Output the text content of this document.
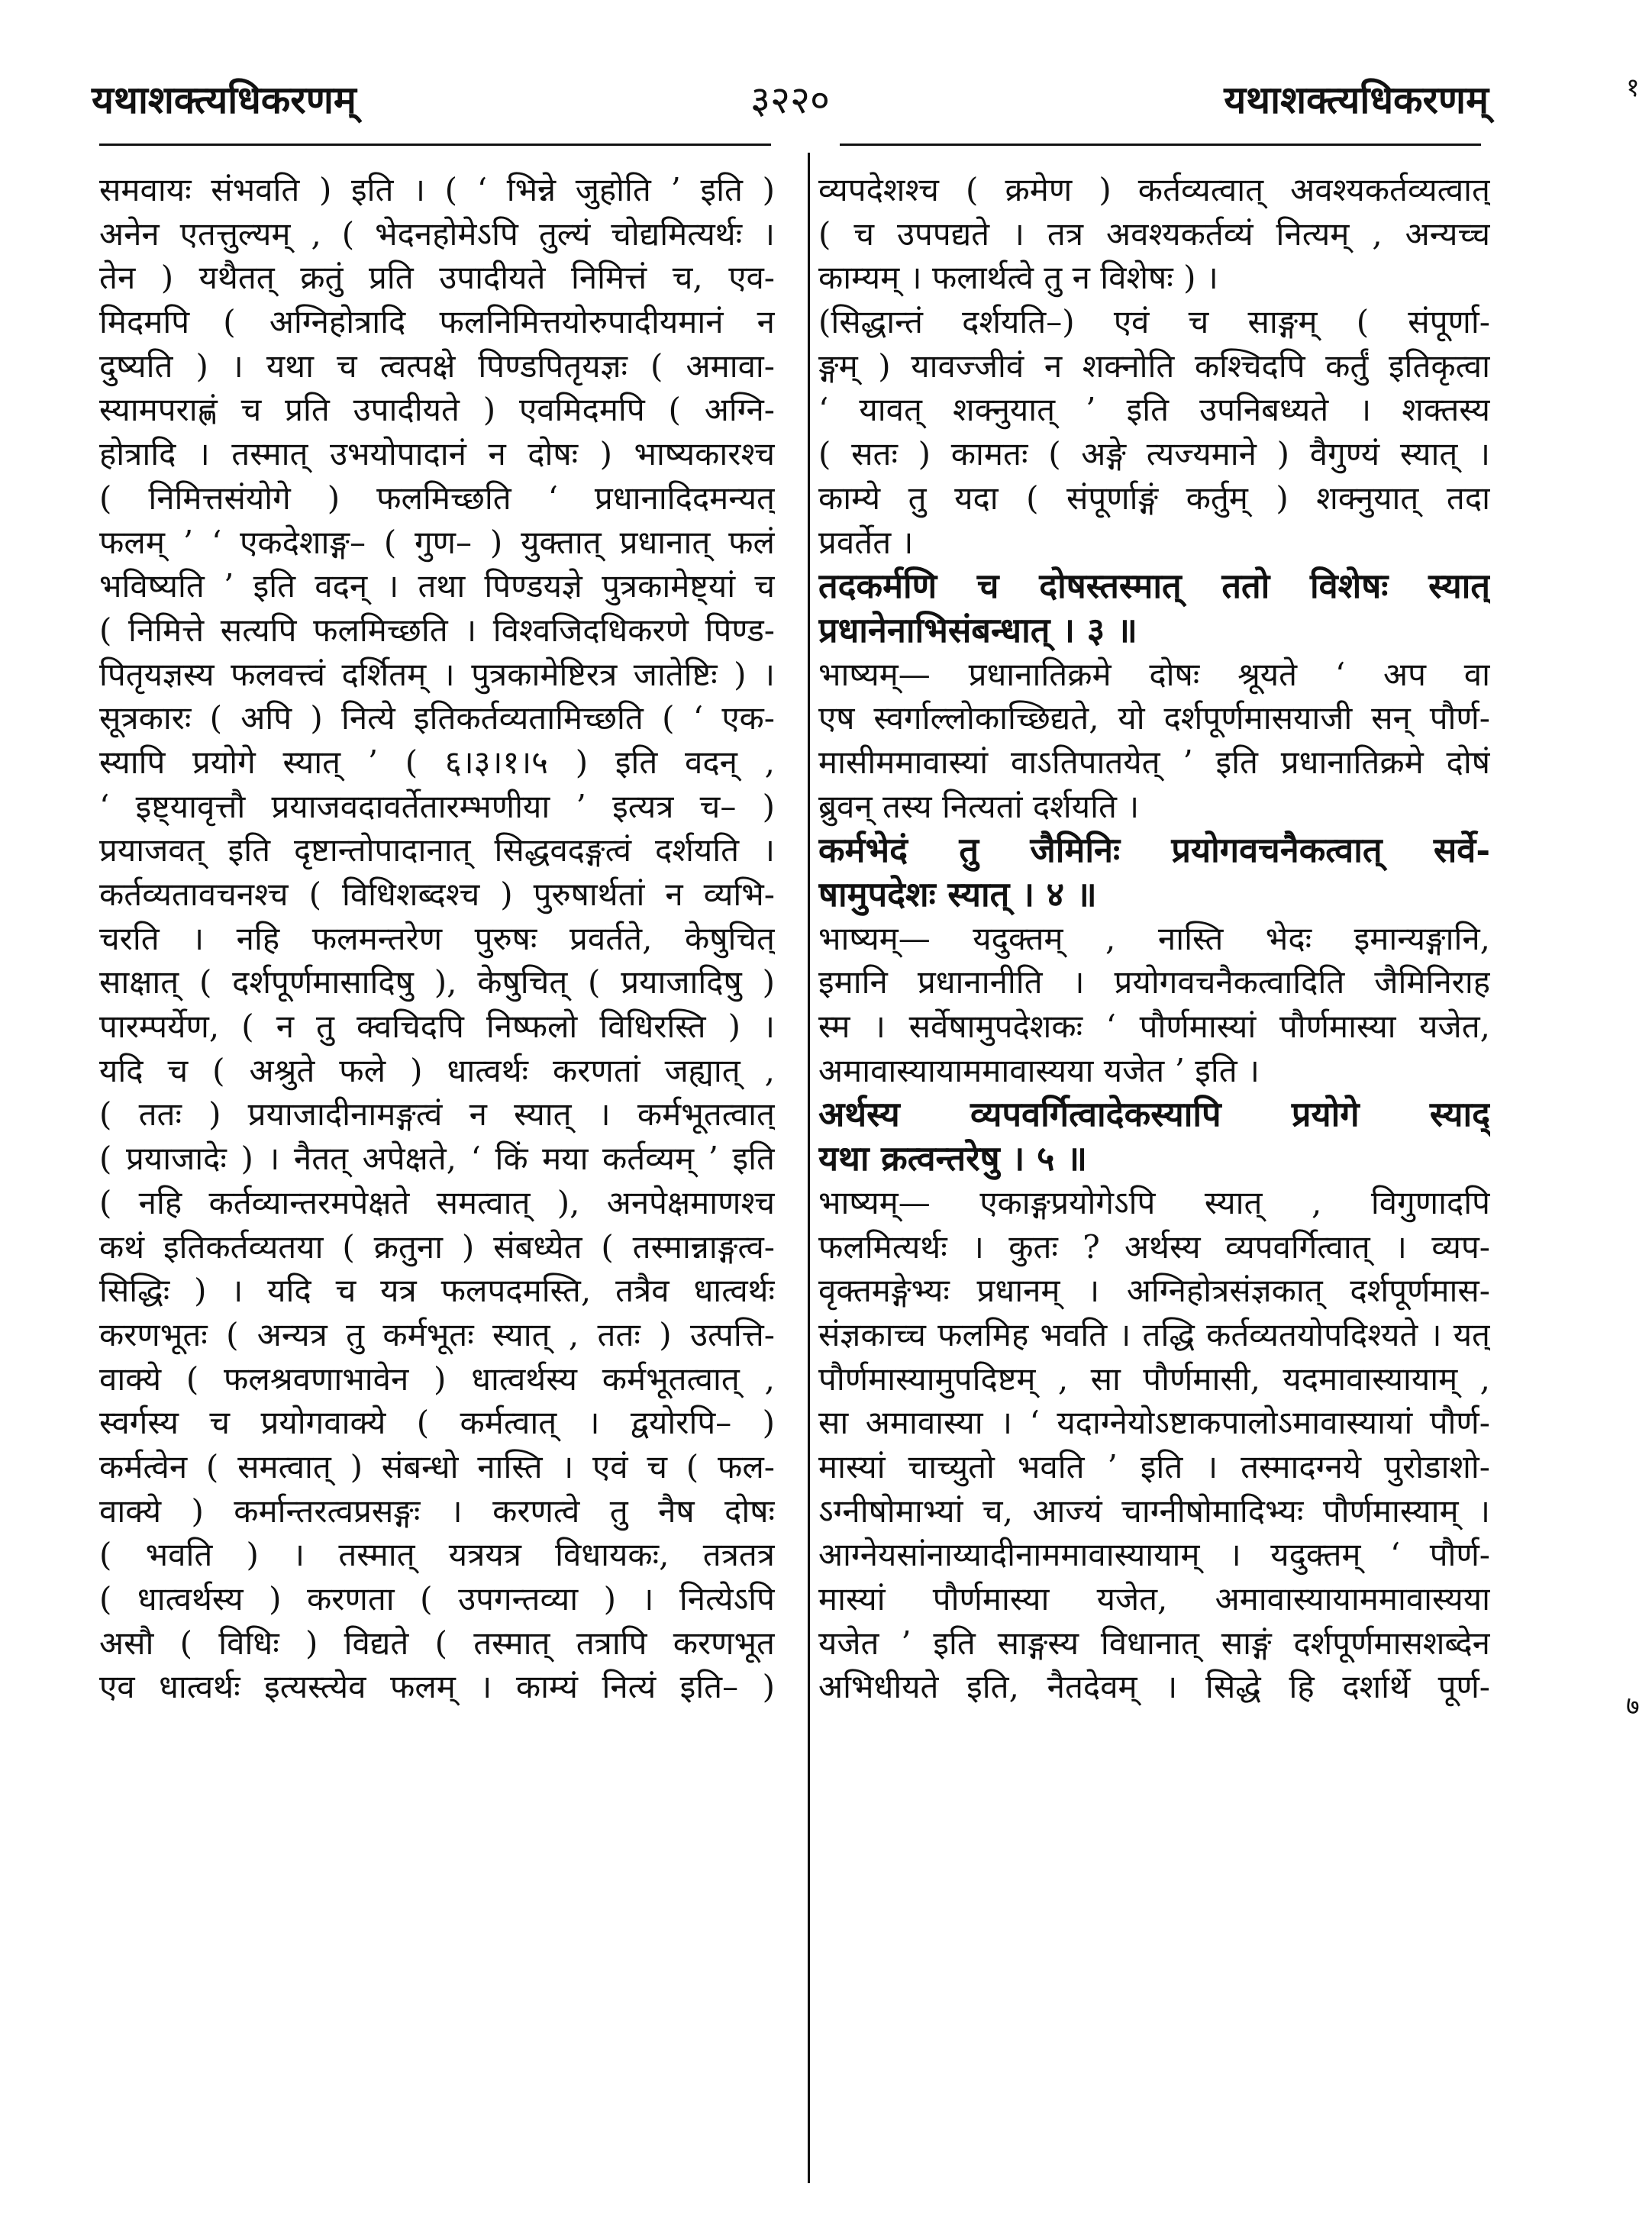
यथाशक्त्यधिकरणम्	३२२०	यथाशक्त्यधिकरणम्
समवायः संभवति ) इति । ( ‘ भिन्ने जुहोति ’ इति )
अनेन एतत्तुल्यम् , ( भेदनहोमेऽपि तुल्यं चोद्यमित्यर्थः ।
तेन ) यथैतत् क्रतुं प्रति उपादीयते निमित्तं च, एव-
मिदमपि ( अग्निहोत्रादि फलनिमित्तयोरुपादीयमानं न
दुष्यति ) । यथा च त्वत्पक्षे पिण्डपितृयज्ञः ( अमावा-
स्यामपराह्णं च प्रति उपादीयते ) एवमिदमपि ( अग्नि-
होत्रादि । तस्मात् उभयोपादानं न दोषः ) भाष्यकारश्च
( निमित्तसंयोगे ) फलमिच्छति ‘ प्रधानादिदमन्यत्
फलम् ’ ‘ एकदेशाङ्ग– ( गुण– ) युक्तात् प्रधानात् फलं
भविष्यति ’ इति वदन् । तथा पिण्डयज्ञे पुत्रकामेष्ट्यां च
( निमित्ते सत्यपि फलमिच्छति । विश्वजिदधिकरणे पिण्ड-
पितृयज्ञस्य फलवत्त्वं दर्शितम् । पुत्रकामेष्टिरत्र जातेष्टिः ) ।
सूत्रकारः ( अपि ) नित्ये इतिकर्तव्यतामिच्छति ( ‘ एक-
स्यापि प्रयोगे स्यात् ’ ( ६।३।१।५ ) इति वदन् ,
‘ इष्ट्यावृत्तौ प्रयाजवदावर्तेतारम्भणीया ’ इत्यत्र च– )
प्रयाजवत् इति दृष्टान्तोपादानात् सिद्धवदङ्गत्वं दर्शयति ।
कर्तव्यतावचनश्च ( विधिशब्दश्च ) पुरुषार्थतां न व्यभि-
चरति । नहि फलमन्तरेण पुरुषः प्रवर्तते, केषुचित्
साक्षात् ( दर्शपूर्णमासादिषु ), केषुचित् ( प्रयाजादिषु )
पारम्पर्येण, ( न तु क्वचिदपि निष्फलो विधिरस्ति ) ।
यदि च ( अश्रुते फले ) धात्वर्थः करणतां जह्यात् ,
( ततः ) प्रयाजादीनामङ्गत्वं न स्यात् । कर्मभूतत्वात्
( प्रयाजादेः ) । नैतत् अपेक्षते, ‘ किं मया कर्तव्यम् ’ इति
( नहि कर्तव्यान्तरमपेक्षते समत्वात् ), अनपेक्षमाणश्च
कथं इतिकर्तव्यतया ( क्रतुना ) संबध्येत ( तस्मान्नाङ्गत्व-
सिद्धिः ) । यदि च यत्र फलपदमस्ति, तत्रैव धात्वर्थः
करणभूतः ( अन्यत्र तु कर्मभूतः स्यात् , ततः ) उत्पत्ति-
वाक्ये ( फलश्रवणाभावेन ) धात्वर्थस्य कर्मभूतत्वात् ,
स्वर्गस्य च प्रयोगवाक्ये ( कर्मत्वात् । द्वयोरपि– )
कर्मत्वेन ( समत्वात् ) संबन्धो नास्ति । एवं च ( फल-
वाक्ये ) कर्मान्तरत्वप्रसङ्गः । करणत्वे तु नैष दोषः
( भवति ) । तस्मात् यत्रयत्र विधायकः, तत्रतत्र
( धात्वर्थस्य ) करणता ( उपगन्तव्या ) । नित्येऽपि
असौ ( विधिः ) विद्यते ( तस्मात् तत्रापि करणभूत
एव धात्वर्थः इत्यस्त्येव फलम् । काम्यं नित्यं इति– )
व्यपदेशश्च ( क्रमेण ) कर्तव्यत्वात् अवश्यकर्तव्यत्वात्
( च उपपद्यते । तत्र अवश्यकर्तव्यं नित्यम् , अन्यच्च
काम्यम् । फलार्थत्वे तु न विशेषः ) ।
(सिद्धान्तं दर्शयति–) एवं च साङ्गम् ( संपूर्णा-
ङ्गम् ) यावज्जीवं न शक्नोति कश्चिदपि कर्तुं इतिकृत्वा
‘ यावत् शक्नुयात् ’ इति उपनिबध्यते । शक्तस्य
( सतः ) कामतः ( अङ्गे त्यज्यमाने ) वैगुण्यं स्यात् ।
काम्ये तु यदा ( संपूर्णाङ्गं कर्तुम् ) शक्नुयात् तदा
प्रवर्तेत ।
तदकर्मणि च दोषस्तस्मात् ततो विशेषः स्यात्
प्रधानेनाभिसंबन्धात् । ३ ॥
भाष्यम्— प्रधानातिक्रमे दोषः श्रूयते ‘ अप वा
एष स्वर्गाल्लोकाच्छिद्यते, यो दर्शपूर्णमासयाजी सन् पौर्ण-
मासीममावास्यां वाऽतिपातयेत् ’ इति प्रधानातिक्रमे दोषं
ब्रुवन् तस्य नित्यतां दर्शयति ।
कर्मभेदं तु जैमिनिः प्रयोगवचनैकत्वात् सर्वे-
षामुपदेशः स्यात् । ४ ॥
भाष्यम्— यदुक्तम् , नास्ति भेदः इमान्यङ्गानि,
इमानि प्रधानानीति । प्रयोगवचनैकत्वादिति जैमिनिराह
स्म । सर्वेषामुपदेशकः ‘ पौर्णमास्यां पौर्णमास्या यजेत,
अमावास्यायाममावास्यया यजेत ’ इति ।
अर्थस्य व्यपवर्गित्वादेकस्यापि प्रयोगे स्याद्
यथा क्रत्वन्तरेषु । ५ ॥
भाष्यम्— एकाङ्गप्रयोगेऽपि स्यात् , विगुणादपि
फलमित्यर्थः । कुतः ? अर्थस्य व्यपवर्गित्वात् । व्यप-
वृक्तमङ्गेभ्यः प्रधानम् । अग्निहोत्रसंज्ञकात् दर्शपूर्णमास-
संज्ञकाच्च फलमिह भवति । तद्धि कर्तव्यतयोपदिश्यते । यत्
पौर्णमास्यामुपदिष्टम् , सा पौर्णमासी, यदमावास्यायाम् ,
सा अमावास्या । ‘ यदाग्नेयोऽष्टाकपालोऽमावास्यायां पौर्ण-
मास्यां चाच्युतो भवति ’ इति । तस्मादग्नये पुरोडाशो-
ऽग्नीषोमाभ्यां च, आज्यं चाग्नीषोमादिभ्यः पौर्णमास्याम् ।
आग्नेयसांनाय्यादीनाममावास्यायाम् । यदुक्तम् ‘ पौर्ण-
मास्यां पौर्णमास्या यजेत, अमावास्यायाममावास्यया
यजेत ’ इति साङ्गस्य विधानात् साङ्गं दर्शपूर्णमासशब्देन
अभिधीयते इति, नैतदेवम् । सिद्धे हि दर्शार्थे पूर्ण-
१
७
